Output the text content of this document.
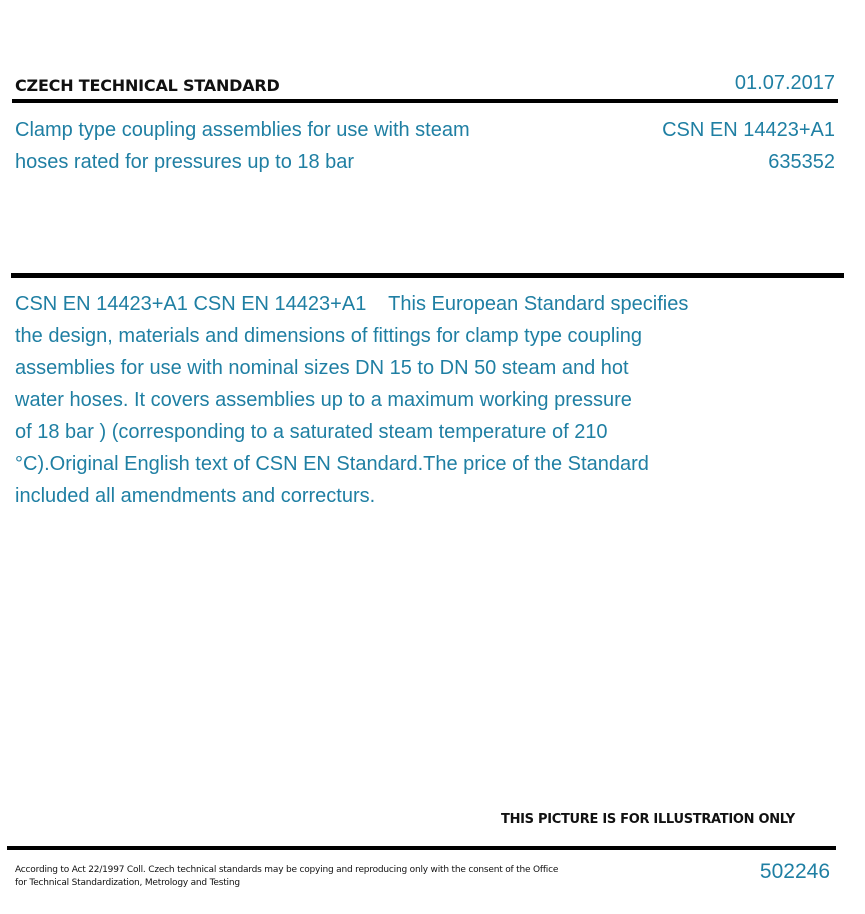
CZECH TECHNICAL STANDARD	01.07.2017
Clamp type coupling assemblies for use with steam
hoses rated for pressures up to 18 bar
CSN EN 14423+A1
635352
CSN EN 14423+A1 CSN EN 14423+A1    This European Standard specifies
the design, materials and dimensions of fittings for clamp type coupling
assemblies for use with nominal sizes DN 15 to DN 50 steam and hot
water hoses. It covers assemblies up to a maximum working pressure
of 18 bar ) (corresponding to a saturated steam temperature of 210
°C).Original English text of CSN EN Standard.The price of the Standard
included all amendments and correcturs.
THIS PICTURE IS FOR ILLUSTRATION ONLY
According to Act 22/1997 Coll. Czech technical standards may be copying and reproducing only with the consent of the Office
for Technical Standardization, Metrology and Testing	502246
